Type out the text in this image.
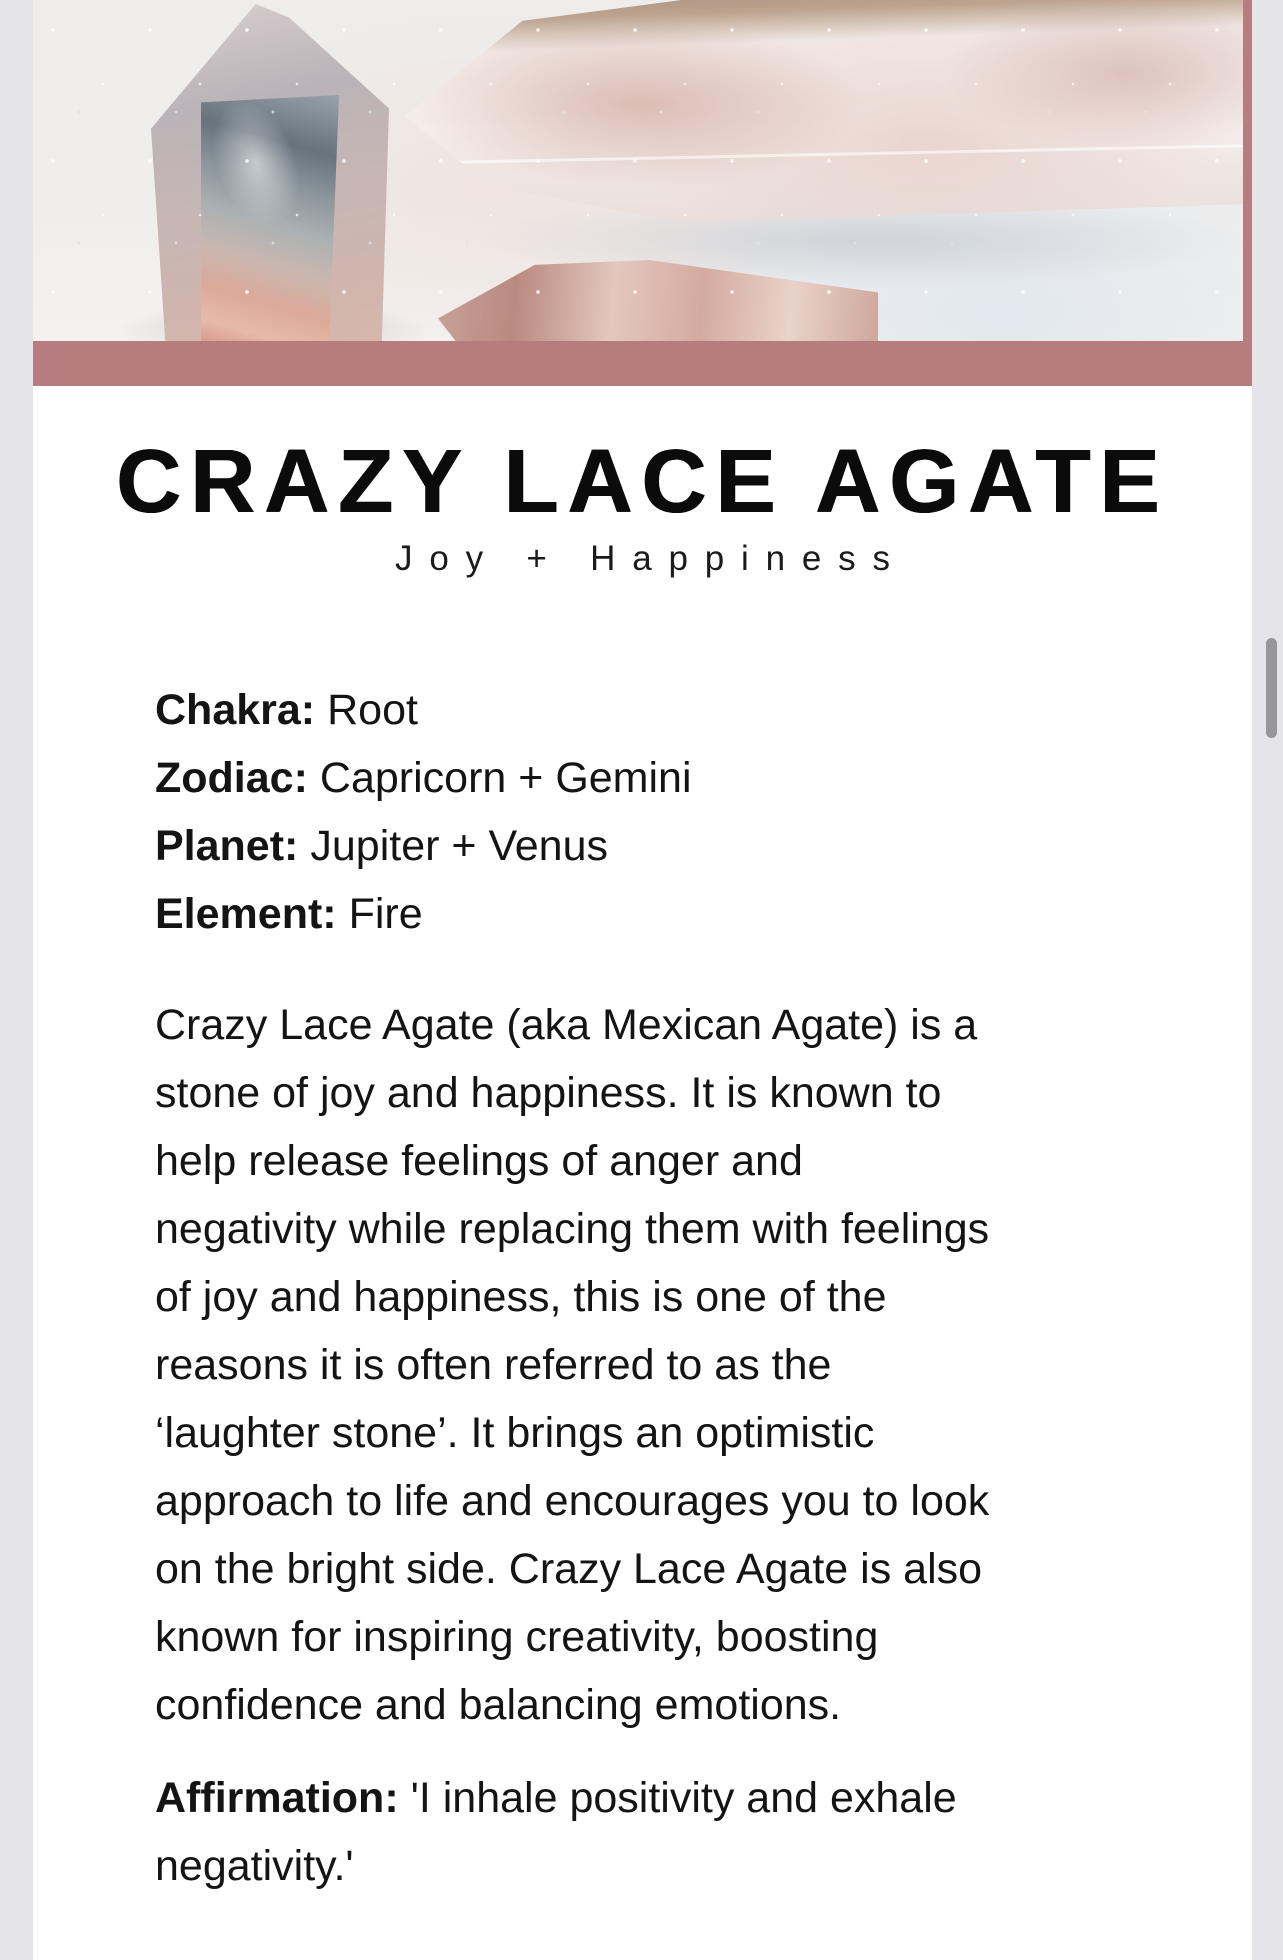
CRAZY LACE AGATE
Joy + Happiness
Chakra: Root
Zodiac: Capricorn + Gemini
Planet: Jupiter + Venus
Element: Fire
Crazy Lace Agate (aka Mexican Agate) is a
stone of joy and happiness. It is known to
help release feelings of anger and
negativity while replacing them with feelings
of joy and happiness, this is one of the
reasons it is often referred to as the
‘laughter stone’. It brings an optimistic
approach to life and encourages you to look
on the bright side. Crazy Lace Agate is also
known for inspiring creativity, boosting
confidence and balancing emotions.
Affirmation: 'I inhale positivity and exhale
negativity.'
